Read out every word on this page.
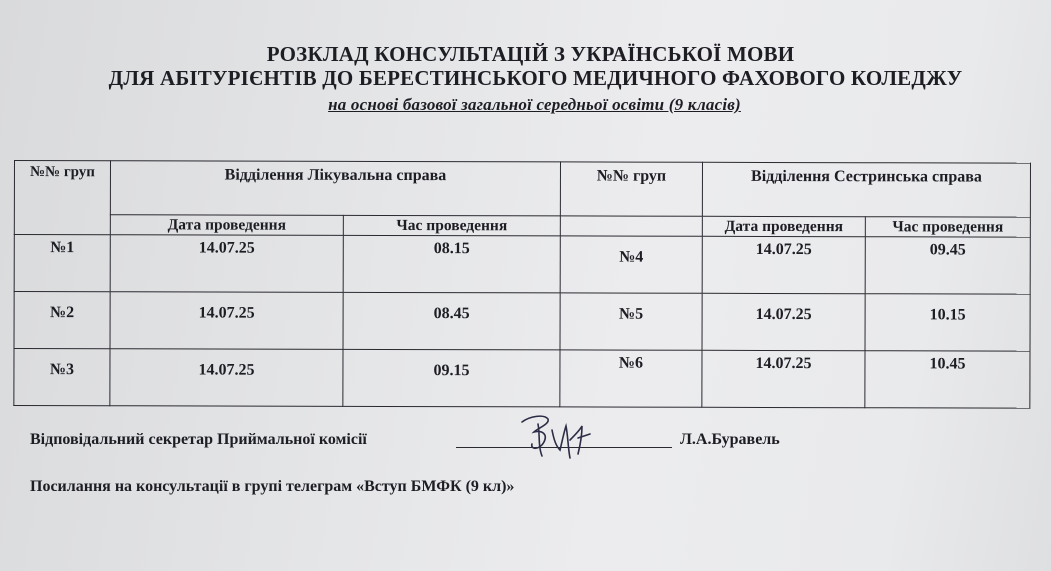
РОЗКЛАД КОНСУЛЬТАЦІЙ З УКРАЇНСЬКОЇ МОВИ
ДЛЯ АБІТУРІЄНТІВ ДО БЕРЕСТИНСЬКОГО МЕДИЧНОГО ФАХОВОГО КОЛЕДЖУ
на основі базової загальної середньої освіти (9 класів)
№№ груп	Відділення Лікувальна справа		№№ груп	Відділення Сестринська справа	
	Дата проведення	Час проведення		Дата проведення	Час проведення
№1	14.07.25	08.15	№4	14.07.25	09.45
№2	14.07.25	08.45	№5	14.07.25	10.15
№3	14.07.25	09.15	№6	14.07.25	10.45
Відповідальний секретар Приймальної комісії	Л.А.Буравель
Посилання на консультації в групі телеграм «Вступ БМФК (9 кл)»
